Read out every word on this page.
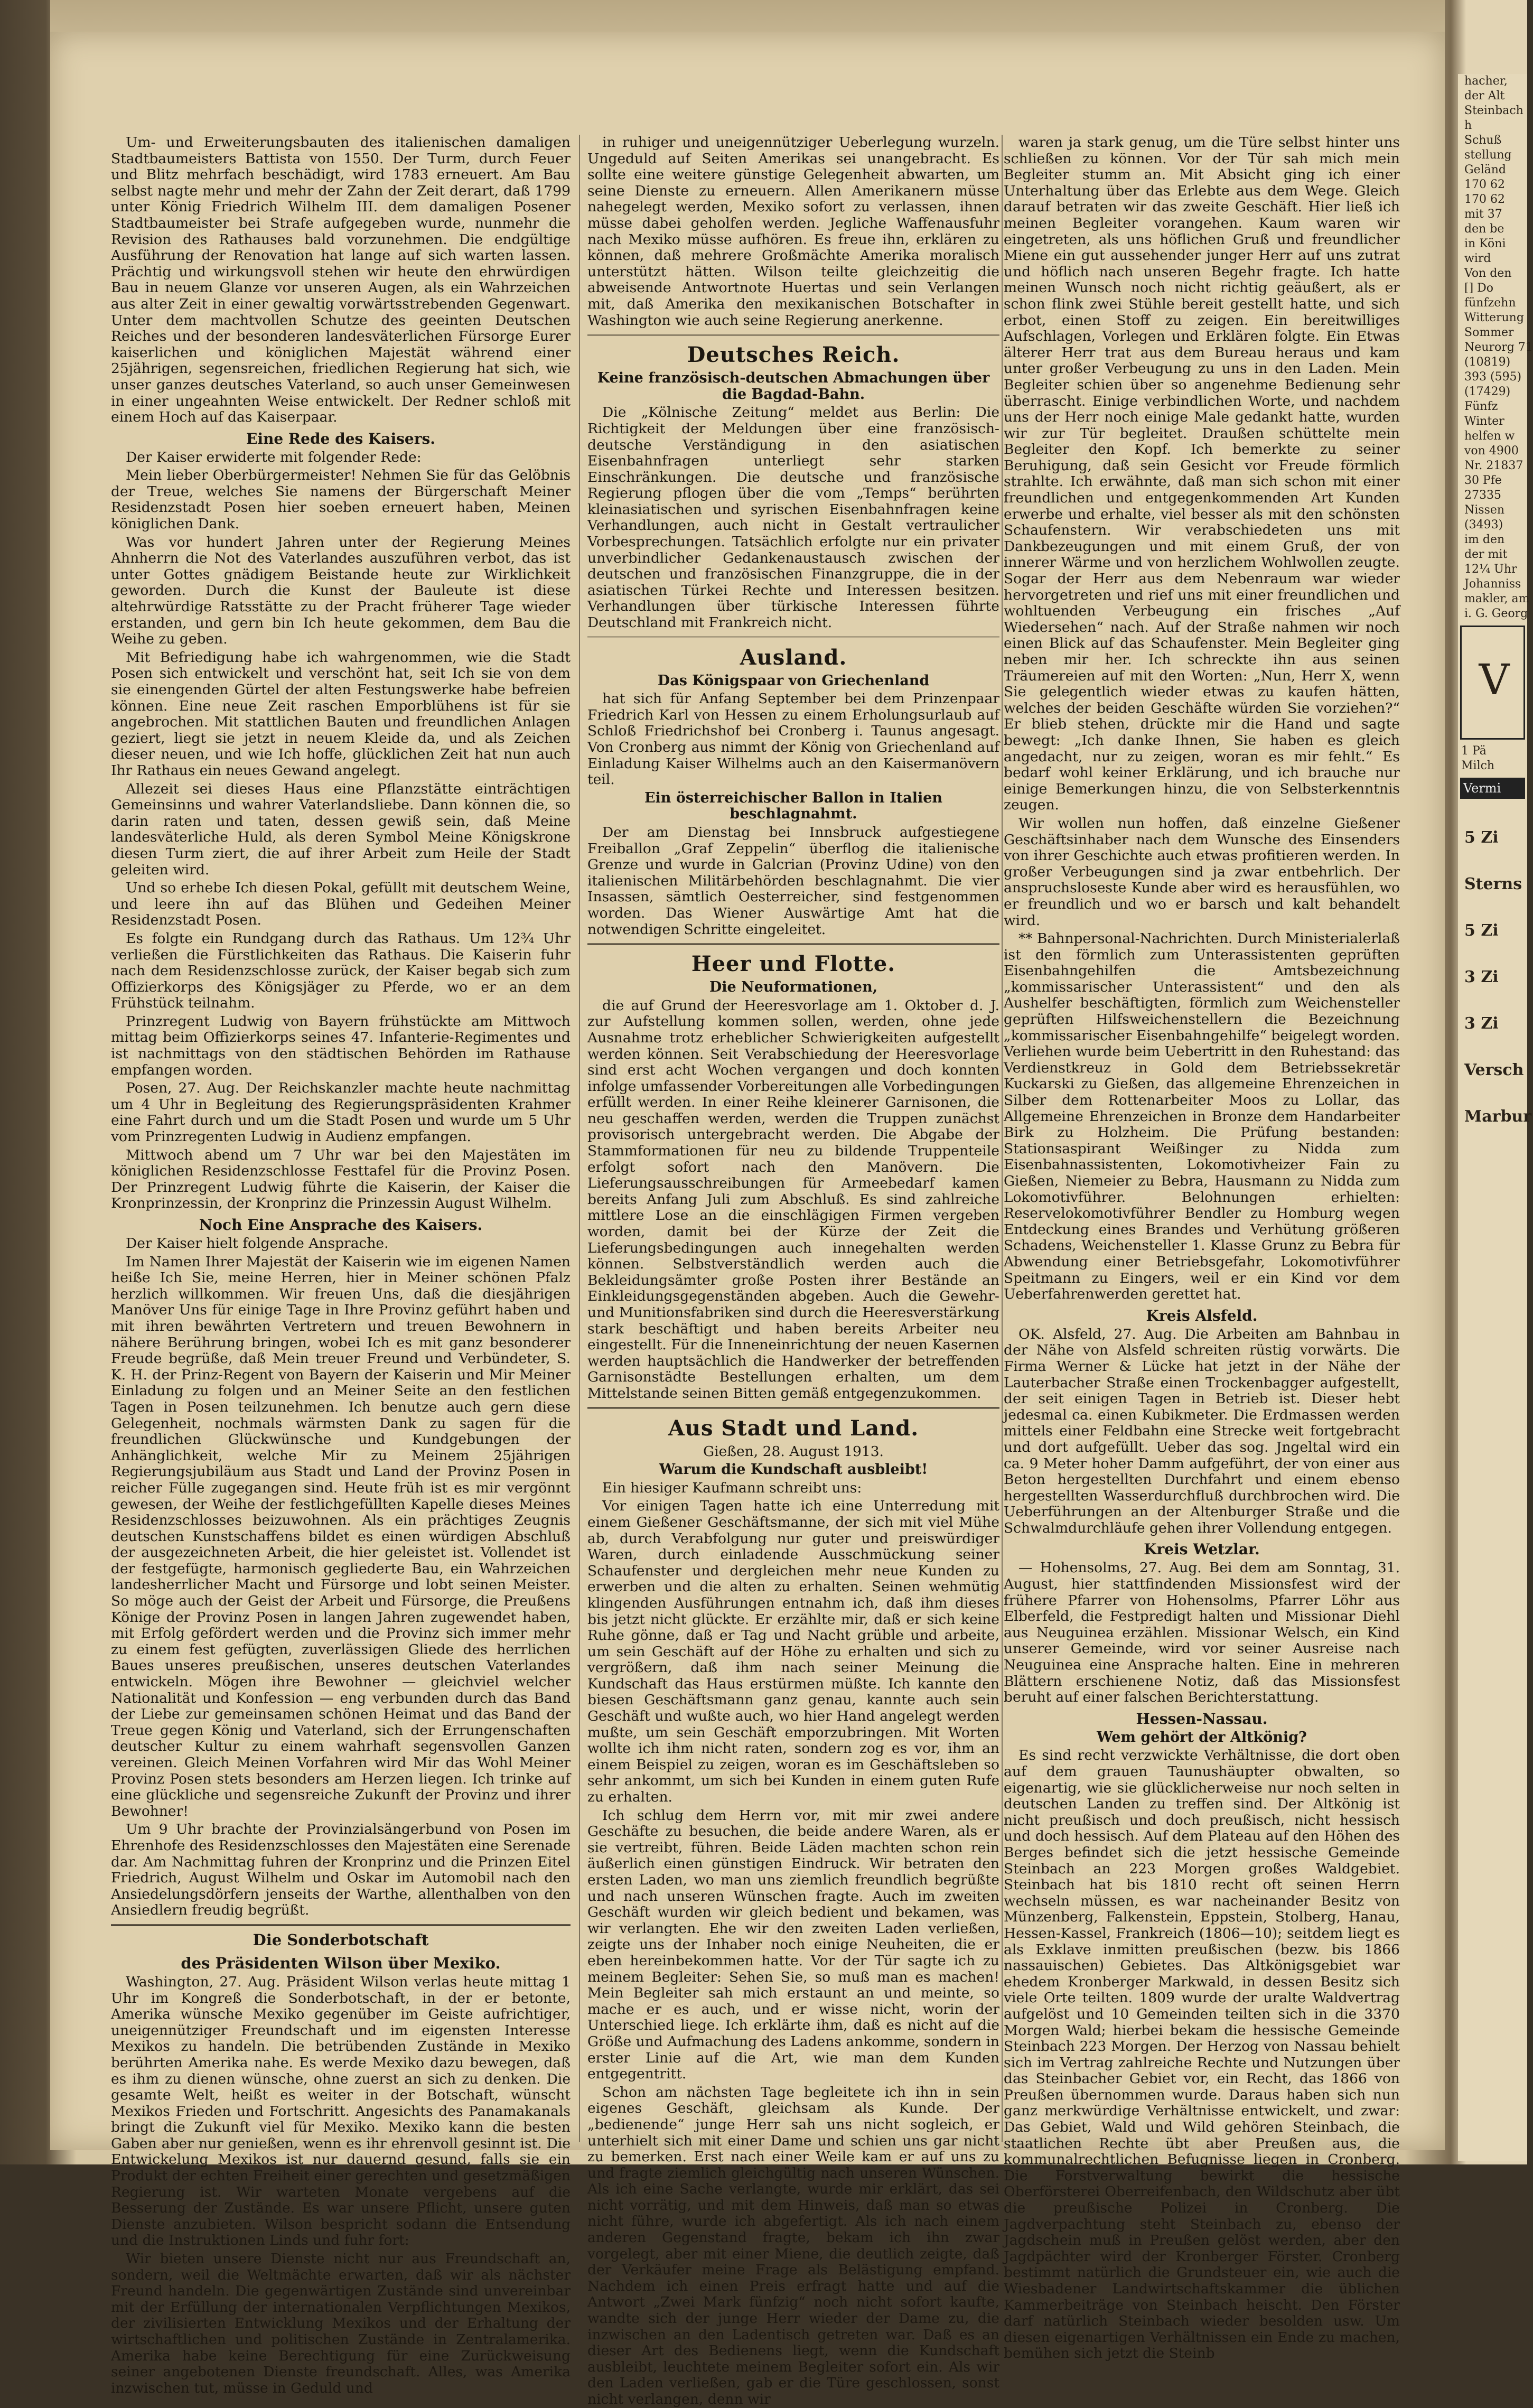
Um- und Erweiterungsbauten des italienischen damaligen Stadtbaumeisters Battista von 1550. Der Turm, durch Feuer und Blitz mehrfach beschädigt, wird 1783 erneuert. Am Bau selbst nagte mehr und mehr der Zahn der Zeit derart, daß 1799 unter König Friedrich Wilhelm III. dem damaligen Posener Stadtbaumeister bei Strafe aufgegeben wurde, nunmehr die Revision des Rathauses bald vorzunehmen. Die endgültige Ausführung der Renovation hat lange auf sich warten lassen. Prächtig und wirkungsvoll stehen wir heute den ehrwürdigen Bau in neuem Glanze vor unseren Augen, als ein Wahrzeichen aus alter Zeit in einer gewaltig vorwärtsstrebenden Gegenwart. Unter dem machtvollen Schutze des geeinten Deutschen Reiches und der besonderen landesväterlichen Fürsorge Eurer kaiserlichen und königlichen Majestät während einer 25jährigen, segensreichen, friedlichen Regierung hat sich, wie unser ganzes deutsches Vaterland, so auch unser Gemeinwesen in einer ungeahnten Weise entwickelt. Der Redner schloß mit einem Hoch auf das Kaiserpaar.

Eine Rede des Kaisers.

Der Kaiser erwiderte mit folgender Rede:

Mein lieber Oberbürgermeister! Nehmen Sie für das Gelöbnis der Treue, welches Sie namens der Bürgerschaft Meiner Residenzstadt Posen hier soeben erneuert haben, Meinen königlichen Dank.

Was vor hundert Jahren unter der Regierung Meines Ahnherrn die Not des Vaterlandes auszuführen verbot, das ist unter Gottes gnädigem Beistande heute zur Wirklichkeit geworden. Durch die Kunst der Bauleute ist diese altehrwürdige Ratsstätte zu der Pracht früherer Tage wieder erstanden, und gern bin Ich heute gekommen, dem Bau die Weihe zu geben.

Mit Befriedigung habe ich wahrgenommen, wie die Stadt Posen sich entwickelt und verschönt hat, seit Ich sie von dem sie einengenden Gürtel der alten Festungswerke habe befreien können. Eine neue Zeit raschen Emporblühens ist für sie angebrochen. Mit stattlichen Bauten und freundlichen Anlagen geziert, liegt sie jetzt in neuem Kleide da, und als Zeichen dieser neuen, und wie Ich hoffe, glücklichen Zeit hat nun auch Ihr Rathaus ein neues Gewand angelegt.

Allezeit sei dieses Haus eine Pflanzstätte einträchtigen Gemeinsinns und wahrer Vaterlandsliebe. Dann können die, so darin raten und taten, dessen gewiß sein, daß Meine landesväterliche Huld, als deren Symbol Meine Königskrone diesen Turm ziert, die auf ihrer Arbeit zum Heile der Stadt geleiten wird.

Und so erhebe Ich diesen Pokal, gefüllt mit deutschem Weine, und leere ihn auf das Blühen und Gedeihen Meiner Residenzstadt Posen.

Es folgte ein Rundgang durch das Rathaus. Um 12¾ Uhr verließen die Fürstlichkeiten das Rathaus. Die Kaiserin fuhr nach dem Residenzschlosse zurück, der Kaiser begab sich zum Offizierkorps des Königsjäger zu Pferde, wo er an dem Frühstück teilnahm.

Prinzregent Ludwig von Bayern frühstückte am Mittwoch mittag beim Offizierkorps seines 47. Infanterie-Regimentes und ist nachmittags von den städtischen Behörden im Rathause empfangen worden.

Posen, 27. Aug. Der Reichskanzler machte heute nachmittag um 4 Uhr in Begleitung des Regierungspräsidenten Krahmer eine Fahrt durch und um die Stadt Posen und wurde um 5 Uhr vom Prinzregenten Ludwig in Audienz empfangen.

Mittwoch abend um 7 Uhr war bei den Majestäten im königlichen Residenzschlosse Festtafel für die Provinz Posen. Der Prinzregent Ludwig führte die Kaiserin, der Kaiser die Kronprinzessin, der Kronprinz die Prinzessin August Wilhelm.

Noch Eine Ansprache des Kaisers.

Der Kaiser hielt folgende Ansprache.

Im Namen Ihrer Majestät der Kaiserin wie im eigenen Namen heiße Ich Sie, meine Herren, hier in Meiner schönen Pfalz herzlich willkommen. Wir freuen Uns, daß die diesjährigen Manöver Uns für einige Tage in Ihre Provinz geführt haben und mit ihren bewährten Vertretern und treuen Bewohnern in nähere Berührung bringen, wobei Ich es mit ganz besonderer Freude begrüße, daß Mein treuer Freund und Verbündeter, S. K. H. der Prinz-Regent von Bayern der Kaiserin und Mir Meiner Einladung zu folgen und an Meiner Seite an den festlichen Tagen in Posen teilzunehmen. Ich benutze auch gern diese Gelegenheit, nochmals wärmsten Dank zu sagen für die freundlichen Glückwünsche und Kundgebungen der Anhänglichkeit, welche Mir zu Meinem 25jährigen Regierungsjubiläum aus Stadt und Land der Provinz Posen in reicher Fülle zugegangen sind. Heute früh ist es mir vergönnt gewesen, der Weihe der festlichgefüllten Kapelle dieses Meines Residenzschlosses beizuwohnen. Als ein prächtiges Zeugnis deutschen Kunstschaffens bildet es einen würdigen Abschluß der ausgezeichneten Arbeit, die hier geleistet ist. Vollendet ist der festgefügte, harmonisch gegliederte Bau, ein Wahrzeichen landesherrlicher Macht und Fürsorge und lobt seinen Meister. So möge auch der Geist der Arbeit und Fürsorge, die Preußens Könige der Provinz Posen in langen Jahren zugewendet haben, mit Erfolg gefördert werden und die Provinz sich immer mehr zu einem fest gefügten, zuverlässigen Gliede des herrlichen Baues unseres preußischen, unseres deutschen Vaterlandes entwickeln. Mögen ihre Bewohner — gleichviel welcher Nationalität und Konfession — eng verbunden durch das Band der Liebe zur gemeinsamen schönen Heimat und das Band der Treue gegen König und Vaterland, sich der Errungenschaften deutscher Kultur zu einem wahrhaft segensvollen Ganzen vereinen. Gleich Meinen Vorfahren wird Mir das Wohl Meiner Provinz Posen stets besonders am Herzen liegen. Ich trinke auf eine glückliche und segensreiche Zukunft der Provinz und ihrer Bewohner!

Um 9 Uhr brachte der Provinzialsängerbund von Posen im Ehrenhofe des Residenzschlosses den Majestäten eine Serenade dar. Am Nachmittag fuhren der Kronprinz und die Prinzen Eitel Friedrich, August Wilhelm und Oskar im Automobil nach den Ansiedelungsdörfern jenseits der Warthe, allenthalben von den Ansiedlern freudig begrüßt.

Die Sonderbotschaft
des Präsidenten Wilson über Mexiko.

Washington, 27. Aug. Präsident Wilson verlas heute mittag 1 Uhr im Kongreß die Sonderbotschaft, in der er betonte, Amerika wünsche Mexiko gegenüber im Geiste aufrichtiger, uneigennütziger Freundschaft und im eigensten Interesse Mexikos zu handeln. Die betrübenden Zustände in Mexiko berührten Amerika nahe. Es werde Mexiko dazu bewegen, daß es ihm zu dienen wünsche, ohne zuerst an sich zu denken. Die gesamte Welt, heißt es weiter in der Botschaft, wünscht Mexikos Frieden und Fortschritt. Angesichts des Panamakanals bringt die Zukunft viel für Mexiko. Mexiko kann die besten Gaben aber nur genießen, wenn es ihr ehrenvoll gesinnt ist. Die Entwickelung Mexikos ist nur dauernd gesund, falls sie ein Produkt der echten Freiheit einer gerechten und gesetzmäßigen Regierung ist. Wir warteten Monate vergebens auf die Besserung der Zustände. Es war unsere Pflicht, unsere guten Dienste anzubieten. Wilson bespricht sodann die Entsendung und die Instruktionen Linds und fuhr fort:

Wir bieten unsere Dienste nicht nur aus Freundschaft an, sondern, weil die Weltmächte erwarten, daß wir als nächster Freund handeln. Die gegenwärtigen Zustände sind unvereinbar mit der Erfüllung der internationalen Verpflichtungen Mexikos, der zivilisierten Entwicklung Mexikos und der Erhaltung der wirtschaftlichen und politischen Zustände in Zentralamerika. Amerika habe keine Berechtigung für eine Zurückweisung seiner angebotenen Dienste freundschaft. Alles, was Amerika inzwischen tut, müsse in Geduld und

in ruhiger und uneigennütziger Ueberlegung wurzeln. Ungeduld auf Seiten Amerikas sei unangebracht. Es sollte eine weitere günstige Gelegenheit abwarten, um seine Dienste zu erneuern. Allen Amerikanern müsse nahegelegt werden, Mexiko sofort zu verlassen, ihnen müsse dabei geholfen werden. Jegliche Waffenausfuhr nach Mexiko müsse aufhören. Es freue ihn, erklären zu können, daß mehrere Großmächte Amerika moralisch unterstützt hätten. Wilson teilte gleichzeitig die abweisende Antwortnote Huertas und sein Verlangen mit, daß Amerika den mexikanischen Botschafter in Washington wie auch seine Regierung anerkenne.

Deutsches Reich.

Keine französisch-deutschen Abmachungen über die Bagdad-Bahn.

Die „Kölnische Zeitung“ meldet aus Berlin: Die Richtigkeit der Meldungen über eine französisch-deutsche Verständigung in den asiatischen Eisenbahnfragen unterliegt sehr starken Einschränkungen. Die deutsche und französische Regierung pflogen über die vom „Temps“ berührten kleinasiatischen und syrischen Eisenbahnfragen keine Verhandlungen, auch nicht in Gestalt vertraulicher Vorbesprechungen. Tatsächlich erfolgte nur ein privater unverbindlicher Gedankenaustausch zwischen der deutschen und französischen Finanzgruppe, die in der asiatischen Türkei Rechte und Interessen besitzen. Verhandlungen über türkische Interessen führte Deutschland mit Frankreich nicht.

Ausland.

Das Königspaar von Griechenland

hat sich für Anfang September bei dem Prinzenpaar Friedrich Karl von Hessen zu einem Erholungsurlaub auf Schloß Friedrichshof bei Cronberg i. Taunus angesagt. Von Cronberg aus nimmt der König von Griechenland auf Einladung Kaiser Wilhelms auch an den Kaisermanövern teil.

Ein österreichischer Ballon in Italien beschlagnahmt.

Der am Dienstag bei Innsbruck aufgestiegene Freiballon „Graf Zeppelin“ überflog die italienische Grenze und wurde in Galcrian (Provinz Udine) von den italienischen Militärbehörden beschlagnahmt. Die vier Insassen, sämtlich Oesterreicher, sind festgenommen worden. Das Wiener Auswärtige Amt hat die notwendigen Schritte eingeleitet.

Heer und Flotte.

Die Neuformationen,

die auf Grund der Heeresvorlage am 1. Oktober d. J. zur Aufstellung kommen sollen, werden, ohne jede Ausnahme trotz erheblicher Schwierigkeiten aufgestellt werden können. Seit Verabschiedung der Heeresvorlage sind erst acht Wochen vergangen und doch konnten infolge umfassender Vorbereitungen alle Vorbedingungen erfüllt werden. In einer Reihe kleinerer Garnisonen, die neu geschaffen werden, werden die Truppen zunächst provisorisch untergebracht werden. Die Abgabe der Stammformationen für neu zu bildende Truppenteile erfolgt sofort nach den Manövern. Die Lieferungsausschreibungen für Armeebedarf kamen bereits Anfang Juli zum Abschluß. Es sind zahlreiche mittlere Lose an die einschlägigen Firmen vergeben worden, damit bei der Kürze der Zeit die Lieferungsbedingungen auch innegehalten werden können. Selbstverständlich werden auch die Bekleidungsämter große Posten ihrer Bestände an Einkleidungsgegenständen abgeben. Auch die Gewehr- und Munitionsfabriken sind durch die Heeresverstärkung stark beschäftigt und haben bereits Arbeiter neu eingestellt. Für die Inneneinrichtung der neuen Kasernen werden hauptsächlich die Handwerker der betreffenden Garnisonstädte Bestellungen erhalten, um dem Mittelstande seinen Bitten gemäß entgegenzukommen.

Aus Stadt und Land.

Gießen, 28. August 1913.

Warum die Kundschaft ausbleibt!

Ein hiesiger Kaufmann schreibt uns:

Vor einigen Tagen hatte ich eine Unterredung mit einem Gießener Geschäftsmanne, der sich mit viel Mühe ab, durch Verabfolgung nur guter und preiswürdiger Waren, durch einladende Ausschmückung seiner Schaufenster und dergleichen mehr neue Kunden zu erwerben und die alten zu erhalten. Seinen wehmütig klingenden Ausführungen entnahm ich, daß ihm dieses bis jetzt nicht glückte. Er erzählte mir, daß er sich keine Ruhe gönne, daß er Tag und Nacht grüble und arbeite, um sein Geschäft auf der Höhe zu erhalten und sich zu vergrößern, daß ihm nach seiner Meinung die Kundschaft das Haus erstürmen müßte. Ich kannte den biesen Geschäftsmann ganz genau, kannte auch sein Geschäft und wußte auch, wo hier Hand angelegt werden mußte, um sein Geschäft emporzubringen. Mit Worten wollte ich ihm nicht raten, sondern zog es vor, ihm an einem Beispiel zu zeigen, woran es im Geschäftsleben so sehr ankommt, um sich bei Kunden in einem guten Rufe zu erhalten.

Ich schlug dem Herrn vor, mit mir zwei andere Geschäfte zu besuchen, die beide andere Waren, als er sie vertreibt, führen. Beide Läden machten schon rein äußerlich einen günstigen Eindruck. Wir betraten den ersten Laden, wo man uns ziemlich freundlich begrüßte und nach unseren Wünschen fragte. Auch im zweiten Geschäft wurden wir gleich bedient und bekamen, was wir verlangten. Ehe wir den zweiten Laden verließen, zeigte uns der Inhaber noch einige Neuheiten, die er eben hereinbekommen hatte. Vor der Tür sagte ich zu meinem Begleiter: Sehen Sie, so muß man es machen! Mein Begleiter sah mich erstaunt an und meinte, so mache er es auch, und er wisse nicht, worin der Unterschied liege. Ich erklärte ihm, daß es nicht auf die Größe und Aufmachung des Ladens ankomme, sondern in erster Linie auf die Art, wie man dem Kunden entgegentritt.

Schon am nächsten Tage begleitete ich ihn in sein eigenes Geschäft, gleichsam als Kunde. Der „bedienende“ junge Herr sah uns nicht sogleich, er unterhielt sich mit einer Dame und schien uns gar nicht zu bemerken. Erst nach einer Weile kam er auf uns zu und fragte ziemlich gleichgültig nach unseren Wünschen. Als ich eine Sache verlangte, wurde mir erklärt, das sei nicht vorrätig, und mit dem Hinweis, daß man so etwas nicht führe, wurde ich abgefertigt. Als ich nach einem anderen Gegenstand fragte, bekam ich ihn zwar vorgelegt, aber mit einer Miene, die deutlich zeigte, daß der Verkäufer meine Frage als Belästigung empfand. Nachdem ich einen Preis erfragt hatte und auf die Antwort „Zwei Mark fünfzig“ noch nicht sofort kaufte, wandte sich der junge Herr wieder der Dame zu, die inzwischen an den Ladentisch getreten war. Daß es an dieser Art des Bedienens liegt, wenn die Kundschaft ausbleibt, leuchtete meinem Begleiter sofort ein. Als wir den Laden verließen, gab er die Türe geschlossen, sonst nicht verlangen, denn wir

waren ja stark genug, um die Türe selbst hinter uns schließen zu können. Vor der Tür sah mich mein Begleiter stumm an. Mit Absicht ging ich einer Unterhaltung über das Erlebte aus dem Wege. Gleich darauf betraten wir das zweite Geschäft. Hier ließ ich meinen Begleiter vorangehen. Kaum waren wir eingetreten, als uns höflichen Gruß und freundlicher Miene ein gut aussehender junger Herr auf uns zutrat und höflich nach unseren Begehr fragte. Ich hatte meinen Wunsch noch nicht richtig geäußert, als er schon flink zwei Stühle bereit gestellt hatte, und sich erbot, einen Stoff zu zeigen. Ein bereitwilliges Aufschlagen, Vorlegen und Erklären folgte. Ein Etwas älterer Herr trat aus dem Bureau heraus und kam unter großer Verbeugung zu uns in den Laden. Mein Begleiter schien über so angenehme Bedienung sehr überrascht. Einige verbindlichen Worte, und nachdem uns der Herr noch einige Male gedankt hatte, wurden wir zur Tür begleitet. Draußen schüttelte mein Begleiter den Kopf. Ich bemerkte zu seiner Beruhigung, daß sein Gesicht vor Freude förmlich strahlte. Ich erwähnte, daß man sich schon mit einer freundlichen und entgegenkommenden Art Kunden erwerbe und erhalte, viel besser als mit den schönsten Schaufenstern. Wir verabschiedeten uns mit Dankbezeugungen und mit einem Gruß, der von innerer Wärme und von herzlichem Wohlwollen zeugte. Sogar der Herr aus dem Nebenraum war wieder hervorgetreten und rief uns mit einer freundlichen und wohltuenden Verbeugung ein frisches „Auf Wiedersehen“ nach. Auf der Straße nahmen wir noch einen Blick auf das Schaufenster. Mein Begleiter ging neben mir her. Ich schreckte ihn aus seinen Träumereien auf mit den Worten: „Nun, Herr X, wenn Sie gelegentlich wieder etwas zu kaufen hätten, welches der beiden Geschäfte würden Sie vorziehen?“ Er blieb stehen, drückte mir die Hand und sagte bewegt: „Ich danke Ihnen, Sie haben es gleich angedacht, nur zu zeigen, woran es mir fehlt.“ Es bedarf wohl keiner Erklärung, und ich brauche nur einige Bemerkungen hinzu, die von Selbsterkenntnis zeugen.

Wir wollen nun hoffen, daß einzelne Gießener Geschäftsinhaber nach dem Wunsche des Einsenders von ihrer Geschichte auch etwas profitieren werden. In großer Verbeugungen sind ja zwar entbehrlich. Der anspruchsloseste Kunde aber wird es herausfühlen, wo er freundlich und wo er barsch und kalt behandelt wird.

** Bahnpersonal-Nachrichten. Durch Ministerialerlaß ist den förmlich zum Unterassistenten geprüften Eisenbahngehilfen die Amtsbezeichnung „kommissarischer Unterassistent“ und den als Aushelfer beschäftigten, förmlich zum Weichensteller geprüften Hilfsweichenstellern die Bezeichnung „kommissarischer Eisenbahngehilfe“ beigelegt worden. Verliehen wurde beim Uebertritt in den Ruhestand: das Verdienstkreuz in Gold dem Betriebssekretär Kuckarski zu Gießen, das allgemeine Ehrenzeichen in Silber dem Rottenarbeiter Moos zu Lollar, das Allgemeine Ehrenzeichen in Bronze dem Handarbeiter Birk zu Holzheim. Die Prüfung bestanden: Stationsaspirant Weißinger zu Nidda zum Eisenbahnassistenten, Lokomotivheizer Fain zu Gießen, Niemeier zu Bebra, Hausmann zu Nidda zum Lokomotivführer. Belohnungen erhielten: Reservelokomotivführer Bendler zu Homburg wegen Entdeckung eines Brandes und Verhütung größeren Schadens, Weichensteller 1. Klasse Grunz zu Bebra für Abwendung einer Betriebsgefahr, Lokomotivführer Speitmann zu Eingers, weil er ein Kind vor dem Ueberfahrenwerden gerettet hat.

Kreis Alsfeld.

OK. Alsfeld, 27. Aug. Die Arbeiten am Bahnbau in der Nähe von Alsfeld schreiten rüstig vorwärts. Die Firma Werner & Lücke hat jetzt in der Nähe der Lauterbacher Straße einen Trockenbagger aufgestellt, der seit einigen Tagen in Betrieb ist. Dieser hebt jedesmal ca. einen Kubikmeter. Die Erdmassen werden mittels einer Feldbahn eine Strecke weit fortgebracht und dort aufgefüllt. Ueber das sog. Jngeltal wird ein ca. 9 Meter hoher Damm aufgeführt, der von einer aus Beton hergestellten Durchfahrt und einem ebenso hergestellten Wasserdurchfluß durchbrochen wird. Die Ueberführungen an der Altenburger Straße und die Schwalmdurchläufe gehen ihrer Vollendung entgegen.

Kreis Wetzlar.

— Hohensolms, 27. Aug. Bei dem am Sonntag, 31. August, hier stattfindenden Missionsfest wird der frühere Pfarrer von Hohensolms, Pfarrer Löhr aus Elberfeld, die Festpredigt halten und Missionar Diehl aus Neuguinea erzählen. Missionar Welsch, ein Kind unserer Gemeinde, wird vor seiner Ausreise nach Neuguinea eine Ansprache halten. Eine in mehreren Blättern erschienene Notiz, daß das Missionsfest beruht auf einer falschen Berichterstattung.

Hessen-Nassau.

Wem gehört der Altkönig?

Es sind recht verzwickte Verhältnisse, die dort oben auf dem grauen Taunushäupter obwalten, so eigenartig, wie sie glücklicherweise nur noch selten in deutschen Landen zu treffen sind. Der Altkönig ist nicht preußisch und doch preußisch, nicht hessisch und doch hessisch. Auf dem Plateau auf den Höhen des Berges befindet sich die jetzt hessische Gemeinde Steinbach an 223 Morgen großes Waldgebiet. Steinbach hat bis 1810 recht oft seinen Herrn wechseln müssen, es war nacheinander Besitz von Münzenberg, Falkenstein, Eppstein, Stolberg, Hanau, Hessen-Kassel, Frankreich (1806—10); seitdem liegt es als Exklave inmitten preußischen (bezw. bis 1866 nassauischen) Gebietes. Das Altkönigsgebiet war ehedem Kronberger Markwald, in dessen Besitz sich viele Orte teilten. 1809 wurde der uralte Waldvertrag aufgelöst und 10 Gemeinden teilten sich in die 3370 Morgen Wald; hierbei bekam die hessische Gemeinde Steinbach 223 Morgen. Der Herzog von Nassau behielt sich im Vertrag zahlreiche Rechte und Nutzungen über das Steinbacher Gebiet vor, ein Recht, das 1866 von Preußen übernommen wurde. Daraus haben sich nun ganz merkwürdige Verhältnisse entwickelt, und zwar: Das Gebiet, Wald und Wild gehören Steinbach, die staatlichen Rechte übt aber Preußen aus, die kommunalrechtlichen Befugnisse liegen in Cronberg. Die Forstverwaltung bewirkt die hessische Oberförsterei Oberreifenbach, den Wildschutz aber übt die preußische Polizei in Cronberg. Die Jagdverpachtung steht Steinbach zu, ebenso der Jagdschein muß in Preußen gelöst werden, aber den Jagdpächter wird der Kronberger Förster. Cronberg bestimmt natürlich die Grundsteuer ein, wie auch die Wiesbadener Landwirtschaftskammer die üblichen Kammerbeiträge von Steinbach heischt. Den Förster darf natürlich Steinbach wieder besolden usw. Um diesen eigenartigen Verhältnissen ein Ende zu machen, bemühen sich jetzt die Steinb

hacher,
der Alt
Steinbach
h
Schuß
stellung
Geländ
170 62
170 62
mit 37
den be
in Köni
wird
Von den
[] Do
fünfzehn
Witterung
Sommer
Neurorg 71
(10819)
393 (595)
(17429)
Fünfz
Winter
helfen w
von 4900
Nr. 21837
30 Pfe
27335
Nissen
(3493)
im den
der mit
12¼ Uhr
Johanniss
makler, am
i. G. Georg
V
1 Pä
Milch
Vermi
5 Zi
Sterns
5 Zi
3 Zi
3 Zi
Versch
Marbur
